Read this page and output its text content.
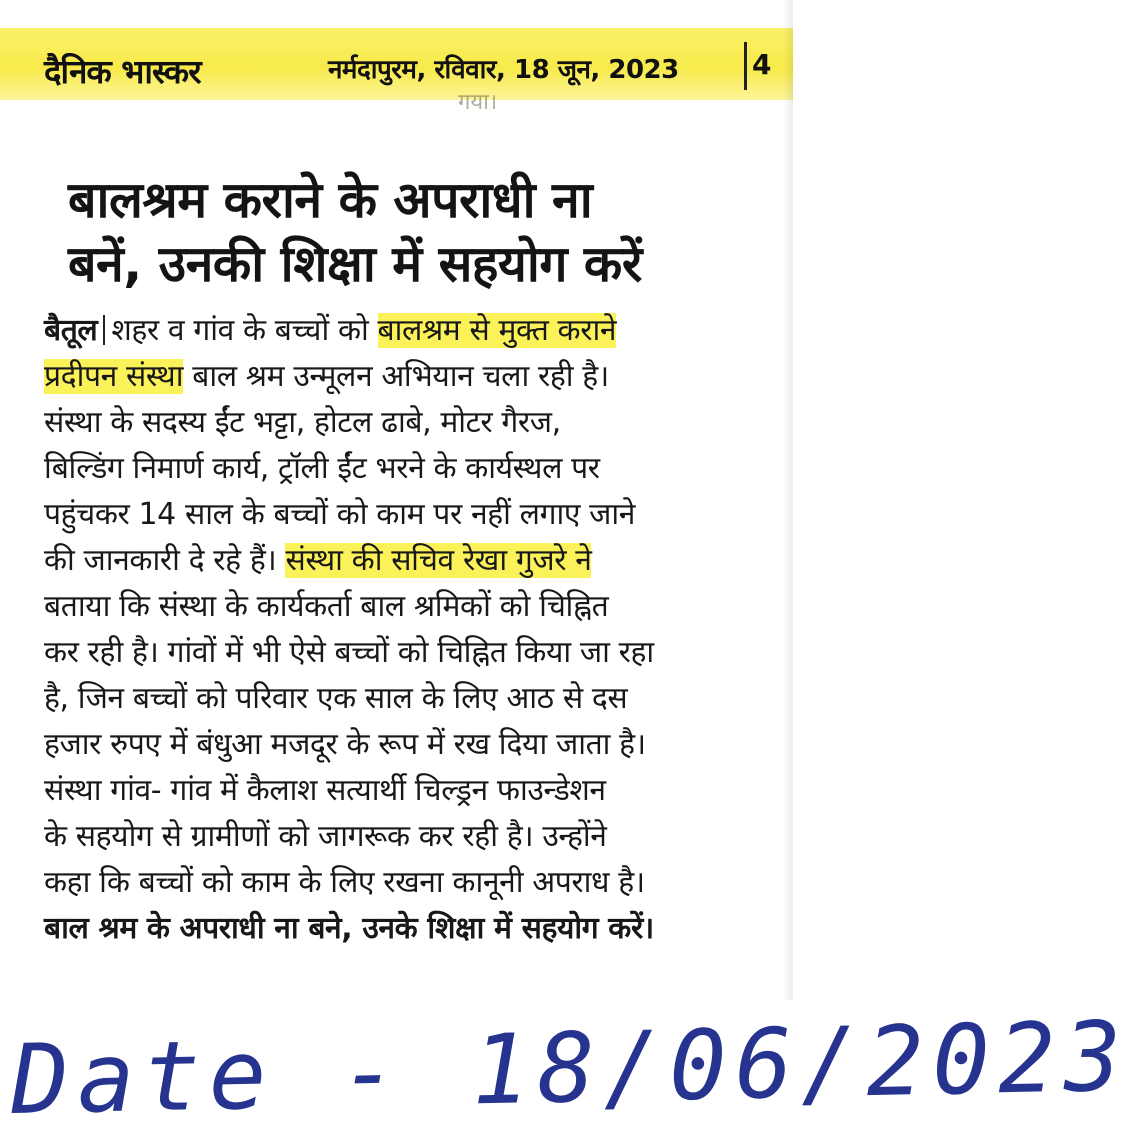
दैनिक भास्कर	नर्मदापुरम, रविवार, 18 जून, 2023	4
गया।
बालश्रम कराने के अपराधी ना
बनें, उनकी शिक्षा में सहयोग करें
बैतूल शहर व गांव के बच्चों को बालश्रम से मुक्त कराने
प्रदीपन संस्था बाल श्रम उन्मूलन अभियान चला रही है।
संस्था के सदस्य ईंट भट्टा, होटल ढाबे, मोटर गैरज,
बिल्डिंग निमार्ण कार्य, ट्रॉली ईंट भरने के कार्यस्थल पर
पहुंचकर 14 साल के बच्चों को काम पर नहीं लगाए जाने
की जानकारी दे रहे हैं। संस्था की सचिव रेखा गुजरे ने
बताया कि संस्था के कार्यकर्ता बाल श्रमिकों को चिह्नित
कर रही है। गांवों में भी ऐसे बच्चों को चिह्नित किया जा रहा
है, जिन बच्चों को परिवार एक साल के लिए आठ से दस
हजार रुपए में बंधुआ मजदूर के रूप में रख दिया जाता है।
संस्था गांव- गांव में कैलाश सत्यार्थी चिल्ड्रन फाउन्डेशन
के सहयोग से ग्रामीणों को जागरूक कर रही है। उन्होंने
कहा कि बच्चों को काम के लिए रखना कानूनी अपराध है।
बाल श्रम के अपराधी ना बने, उनके शिक्षा में सहयोग करें।
Date - 18/06/2023
